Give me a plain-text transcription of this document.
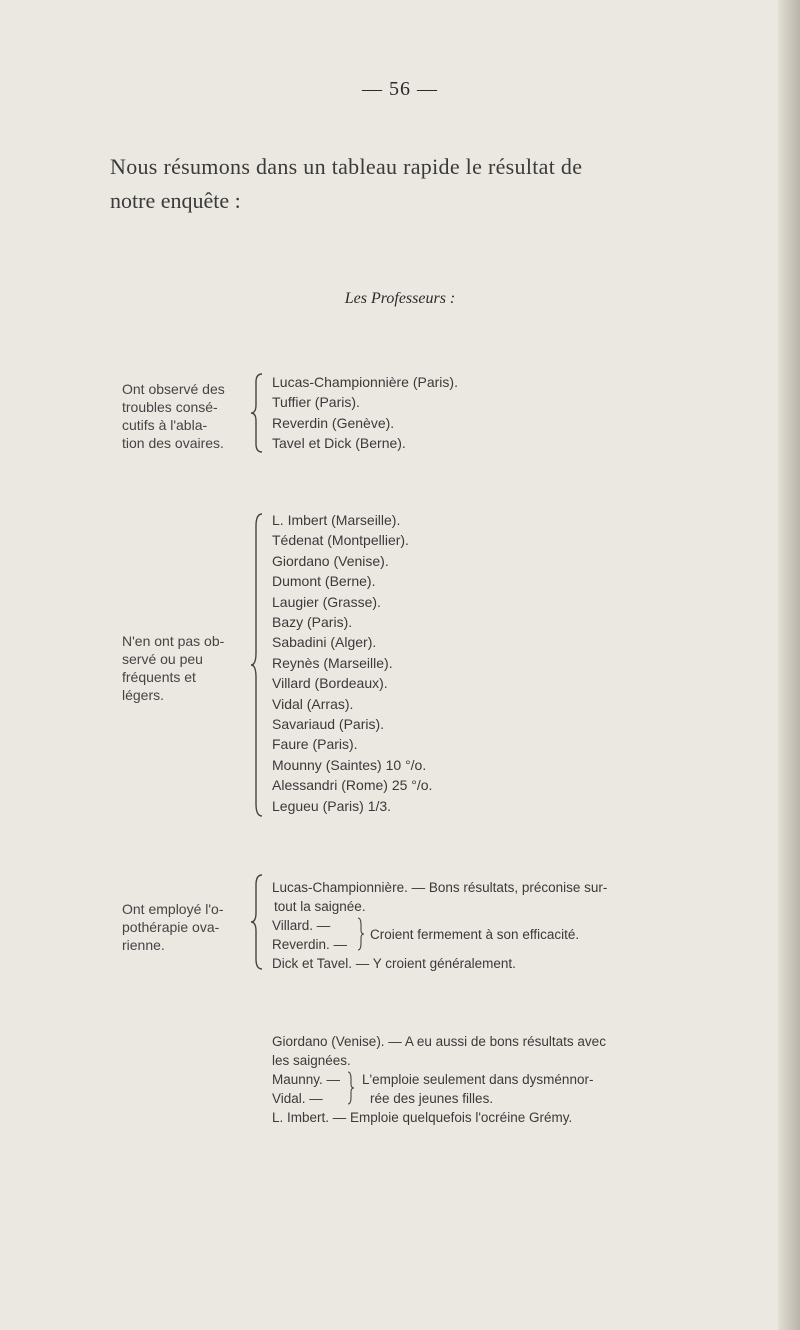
— 56 —
Nous résumons dans un tableau rapide le résultat de
notre enquête :
Les Professeurs :
Ont observé des
troubles consé-
cutifs à l'abla-
tion des ovaires.
Lucas-Championnière (Paris).
Tuffier (Paris).
Reverdin (Genève).
Tavel et Dick (Berne).
N'en ont pas ob-
servé ou peu
fréquents et
légers.
L. Imbert (Marseille).
Tédenat (Montpellier).
Giordano (Venise).
Dumont (Berne).
Laugier (Grasse).
Bazy (Paris).
Sabadini (Alger).
Reynès (Marseille).
Villard (Bordeaux).
Vidal (Arras).
Savariaud (Paris).
Faure (Paris).
Mounny (Saintes) 10 °/o.
Alessandri (Rome) 25 °/o.
Legueu (Paris) 1/3.
Ont employé l'o-
pothérapie ova-
rienne.
Lucas-Championnière. — Bons résultats, préconise sur-
tout la saignée.
Villard. —
Reverdin. —
Dick et Tavel. — Y croient généralement.
Croient fermement à son efficacité.
Giordano (Venise). — A eu aussi de bons résultats avec
les saignées.
Maunny. —
Vidal. —
L. Imbert. — Emploie quelquefois l'ocréine Grémy.
L'emploie seulement dans dysménnor-
rée des jeunes filles.
